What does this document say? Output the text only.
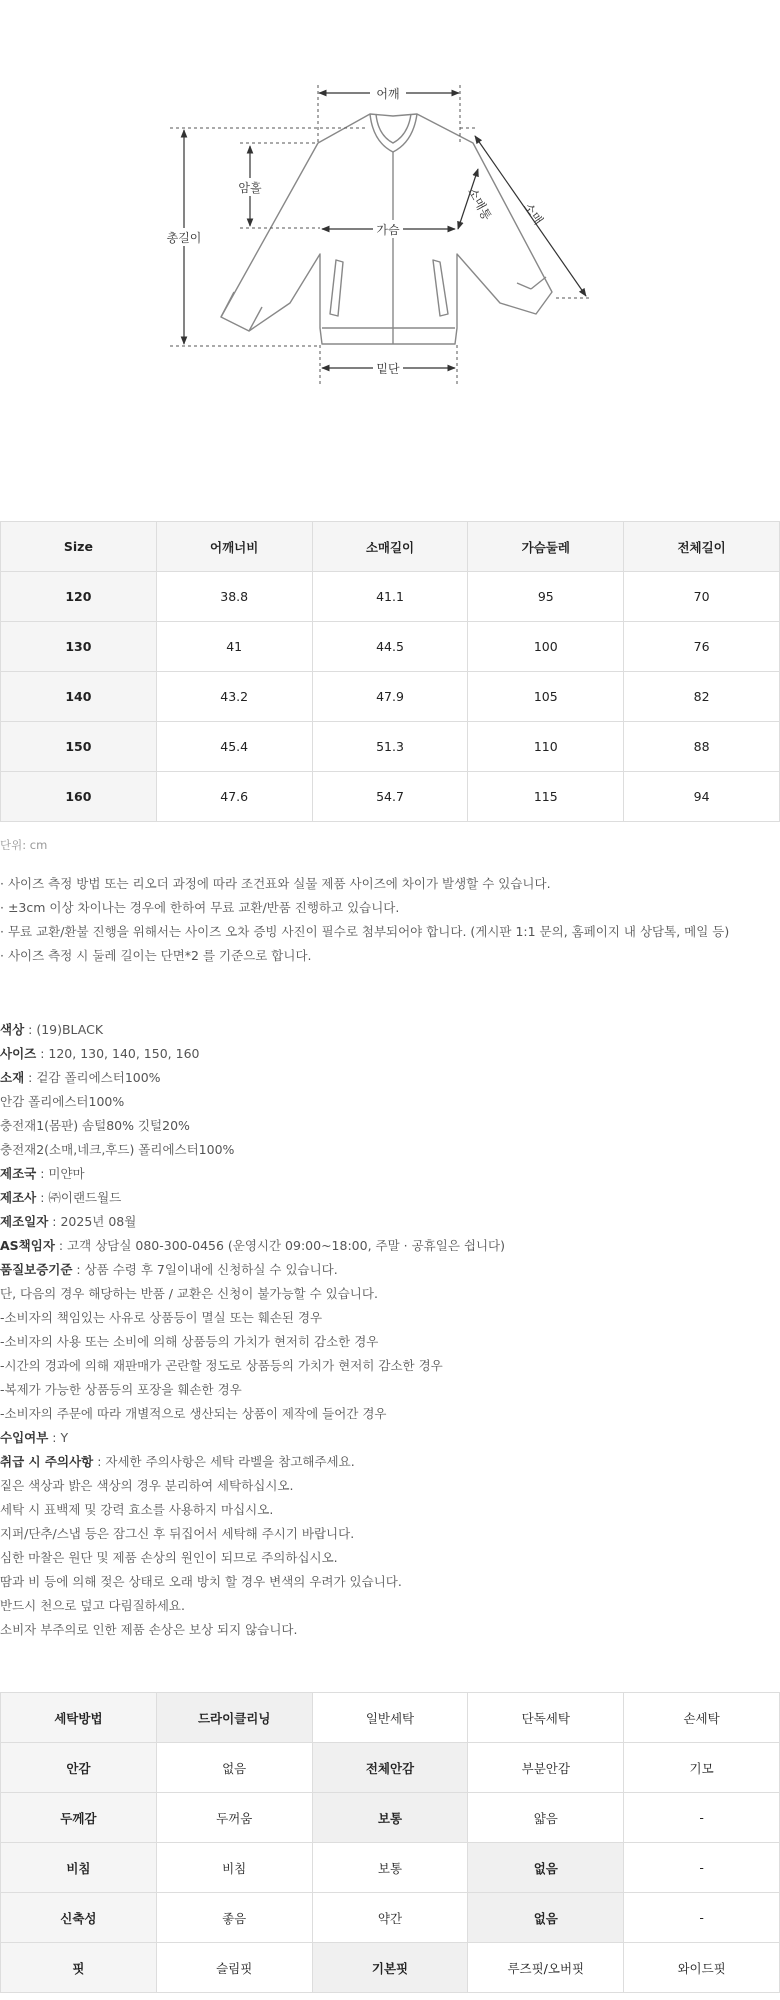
어깨
총길이
암홀
가슴
소매통 소매
밑단
Size	어깨너비	소매길이	가슴둘레	전체길이
120	38.8	41.1	95	70
130	41	44.5	100	76
140	43.2	47.9	105	82
150	45.4	51.3	110	88
160	47.6	54.7	115	94
단위: cm
· 사이즈 측정 방법 또는 리오더 과정에 따라 조건표와 실물 제품 사이즈에 차이가 발생할 수 있습니다.
· ±3cm 이상 차이나는 경우에 한하여 무료 교환/반품 진행하고 있습니다.
· 무료 교환/환불 진행을 위해서는 사이즈 오차 증빙 사진이 필수로 첨부되어야 합니다. (게시판 1:1 문의, 홈페이지 내 상담톡, 메일 등)
· 사이즈 측정 시 둘레 길이는 단면*2 를 기준으로 합니다.
색상 : (19)BLACK
사이즈 : 120, 130, 140, 150, 160
소재 : 겉감 폴리에스터100%
안감 폴리에스터100%
충전재1(몸판) 솜털80% 깃털20%
충전재2(소매,네크,후드) 폴리에스터100%
제조국 : 미얀마
제조사 : ㈜이랜드월드
제조일자 : 2025년 08월
AS책임자 : 고객 상담실 080-300-0456 (운영시간 09:00~18:00, 주말 · 공휴일은 쉽니다)
품질보증기준 : 상품 수령 후 7일이내에 신청하실 수 있습니다.
단, 다음의 경우 해당하는 반품 / 교환은 신청이 불가능할 수 있습니다.
-소비자의 책임있는 사유로 상품등이 멸실 또는 훼손된 경우
-소비자의 사용 또는 소비에 의해 상품등의 가치가 현저히 감소한 경우
-시간의 경과에 의해 재판매가 곤란할 정도로 상품등의 가치가 현저히 감소한 경우
-복제가 가능한 상품등의 포장을 훼손한 경우
-소비자의 주문에 따라 개별적으로 생산되는 상품이 제작에 들어간 경우
수입여부 : Y
취급 시 주의사항 : 자세한 주의사항은 세탁 라벨을 참고해주세요.
짙은 색상과 밝은 색상의 경우 분리하여 세탁하십시오.
세탁 시 표백제 및 강력 효소를 사용하지 마십시오.
지퍼/단추/스냅 등은 잠그신 후 뒤집어서 세탁해 주시기 바랍니다.
심한 마찰은 원단 및 제품 손상의 원인이 되므로 주의하십시오.
땀과 비 등에 의해 젖은 상태로 오래 방치 할 경우 변색의 우려가 있습니다.
반드시 천으로 덮고 다림질하세요.
소비자 부주의로 인한 제품 손상은 보상 되지 않습니다.
세탁방법	드라이클리닝	일반세탁	단독세탁	손세탁
안감	없음	전체안감	부분안감	기모
두께감	두꺼움	보통	얇음	-
비침	비침	보통	없음	-
신축성	좋음	약간	없음	-
핏	슬림핏	기본핏	루즈핏/오버핏	와이드핏
